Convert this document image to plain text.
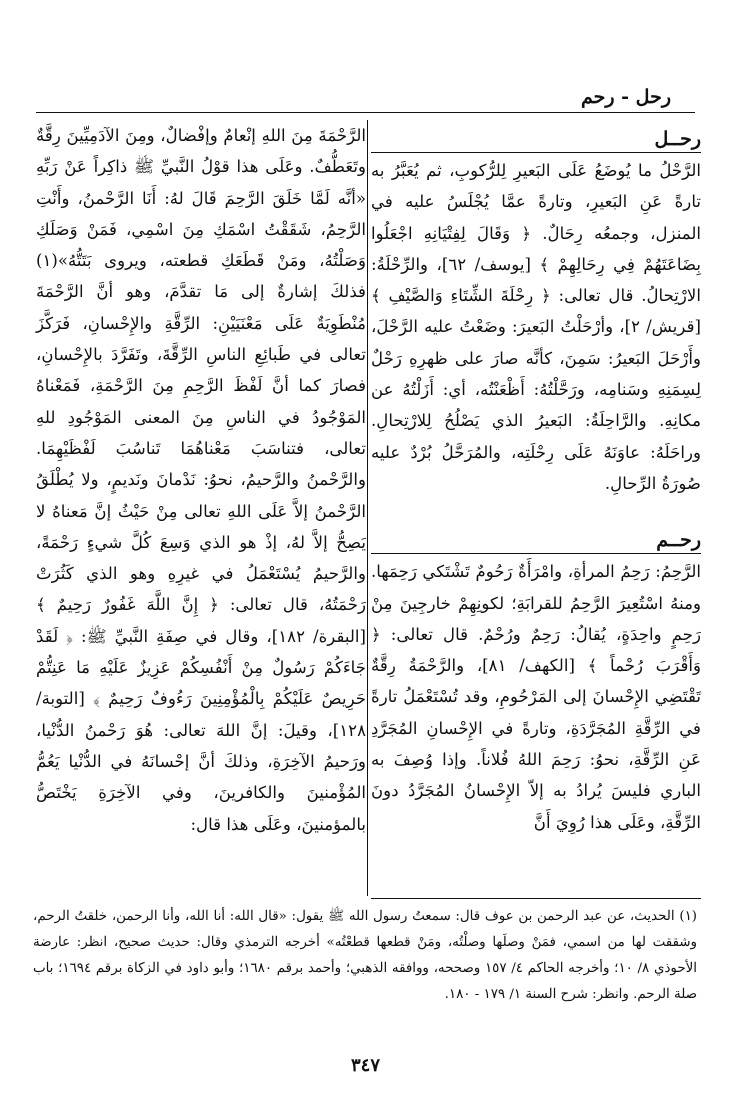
رحل - رحم
رحــل

الرَّحْلُ ما يُوضَعُ عَلَى البَعيرِ لِلرُّكوبِ، ثم يُعَبَّرُ به تارةً عَنِ البَعيرِ، وتارةً عمَّا يُجْلَسُ عليه في المنزل، وجمعُه رِحَالٌ. ﴿ وَقَالَ لِفِتْيَانِهِ اجْعَلُوا بِضَاعَتَهُمْ فِي رِحَالِهِمْ ﴾ [يوسف/ ٦٢]، والرِّحْلَةُ: الارْتِحالُ. قال تعالى: ﴿ رِحْلَةَ الشِّتَاءِ وَالصَّيْفِ ﴾ [قريش/ ٢]، وأرْحَلْتُ البَعيرَ: وضَعْتُ عليه الرَّحْلَ، وأَرْحَلَ البَعيرُ: سَمِنَ، كأنَّه صارَ على ظهرِهِ رَحْلٌ لِسِمَنِهِ وسَنامِه، ورَحَّلْتُهُ: أَظْعَنْتُه، أي: أَزَلْتُهُ عن مكانِهِ. والرَّاحِلَةُ: البَعيرُ الذي يَصْلُحُ لِلارْتِحالِ. وراحَلَهُ: عاوَنَهُ عَلَى رِحْلَتِه، والمُرَحَّلُ بُرْدٌ عليه صُورَةُ الرِّحالِ.

رحــم

الرَّحِمُ: رَحِمُ المرأةِ، وامْرَأَةٌ رَحُومٌ تَشْتَكي رَحِمَها. ومنهُ اسْتُعِيرَ الرَّحِمُ للقرابَةِ؛ لكونِهِمْ خارجِينَ مِنْ رَحِمٍ واحِدَةٍ، يُقالُ: رَحِمٌ ورُحْمٌ. قال تعالى: ﴿ وَأَقْرَبَ رُحْماً ﴾ [الكهف/ ٨١]، والرَّحْمَةُ رِقَّةٌ تَقْتَضِي الإِحْسانَ إلى المَرْحُومِ، وقد تُسْتَعْمَلُ تارةً في الرِّقَّةِ المُجَرَّدَةِ، وتارةً في الإِحْسانِ المُجَرَّدِ عَنِ الرِّقَّةِ، نحوُ: رَحِمَ اللهُ فُلاناً. وإذا وُصِفَ به الباري فليسَ يُرادُ به إلاّ الإِحْسانُ المُجَرَّدُ دونَ الرِّقَّةِ، وعَلَى هذا رُوِيَ أَنَّ

الرَّحْمَةَ مِنَ اللهِ إنْعامٌ وإفْضالٌ، ومِنَ الآدَمِيِّينَ رِقَّةٌ وتَعَطُّفٌ. وعَلَى هذا قوْلُ النَّبيِّ ﷺ ذاكِراً عَنْ رَبِّهِ «أنَّه لَمَّا خَلَقَ الرَّحِمَ قَالَ لهُ: أَنَا الرَّحْمنُ، وأَنْتِ الرَّحِمُ، شَقَقْتُ اسْمَكِ مِنَ اسْمِي، فَمَنْ وَصَلَكِ وَصَلْتُهُ، ومَنْ قَطَعَكِ قطعته، ويروى بَتَتُّهُ»(١) فذلكَ إشارةٌ إلى مَا تقدَّمَ، وهو أنَّ الرَّحْمَةَ مُنْطَوِيَةٌ عَلَى مَعْنَيَيْنِ: الرِّقَّةِ والإِحْسانِ، فَرَكَّزَ تعالى في طَبائِعِ الناسِ الرِّقَّةَ، وتَفَرَّدَ بالإِحْسانِ، فصارَ كما أنَّ لَفْظَ الرَّحِمِ مِنَ الرَّحْمَةِ، فَمَعْناهُ المَوْجُودُ في الناسِ مِنَ المعنى المَوْجُودِ للهِ تعالى، فتناسَبَ مَعْناهُمَا تَناسُبَ لَفْظَيْهِمَا. والرَّحْمنُ والرَّحيمُ، نحوُ: نَدْمانَ ونَديمٍ، ولا يُطْلَقُ الرَّحْمنُ إلاَّ عَلَى اللهِ تعالى مِنْ حَيْثُ إنَّ مَعناهُ لا يَصِحُّ إلاَّ لهُ، إذْ هو الذي وَسِعَ كُلَّ شيءٍ رَحْمَةً، والرَّحيمُ يُسْتَعْمَلُ في غيرِهِ وهو الذي كَثُرَتْ رَحْمَتُهُ، قال تعالى: ﴿ إِنَّ اللَّهَ غَفُورٌ رَحِيمٌ ﴾ [البقرة/ ١٨٢]، وقال في صِفَةِ النَّبيِّ ﷺ: ﴿ لَقَدْ جَاءَكُمْ رَسُولٌ مِنْ أَنْفُسِكُمْ عَزِيزٌ عَلَيْهِ مَا عَنِتُّمْ حَرِيصٌ عَلَيْكُمْ بِالْمُؤْمِنِينَ رَءُوفٌ رَحِيمٌ ﴾ [التوبة/ ١٢٨]، وقيلَ: إنَّ اللهَ تعالى: هُوَ رَحْمنُ الدُّنْيا، ورَحيمُ الآخِرَةِ، وذلكَ أنَّ إحْسانَهُ في الدُّنْيا يَعُمُّ المُؤْمنينَ والكافرينَ، وفي الآخِرَةِ يَخْتَصُّ بالمؤمنينَ، وعَلَى هذا قال:

(١) الحديث، عن عبد الرحمن بن عوف قال: سمعتُ رسول الله ﷺ يقول: «قال الله: أنا الله، وأنا الرحمن، خلقتُ الرحم، وشققت لها من اسمي، فمَنْ وصلَها وصلْتُه، ومَنْ قطعها قطعْتُه» أخرجه الترمذي وقال: حديث صحيح، انظر: عارضة الأحوذي ٨/ ١٠؛ وأخرجه الحاكم ٤/ ١٥٧ وصححه، ووافقه الذهبي؛ وأحمد برقم ١٦٨٠؛ وأبو داود في الزكاة برقم ١٦٩٤؛ باب صلة الرحم. وانظر: شرح السنة ١/ ١٧٩ - ١٨٠.

٣٤٧
